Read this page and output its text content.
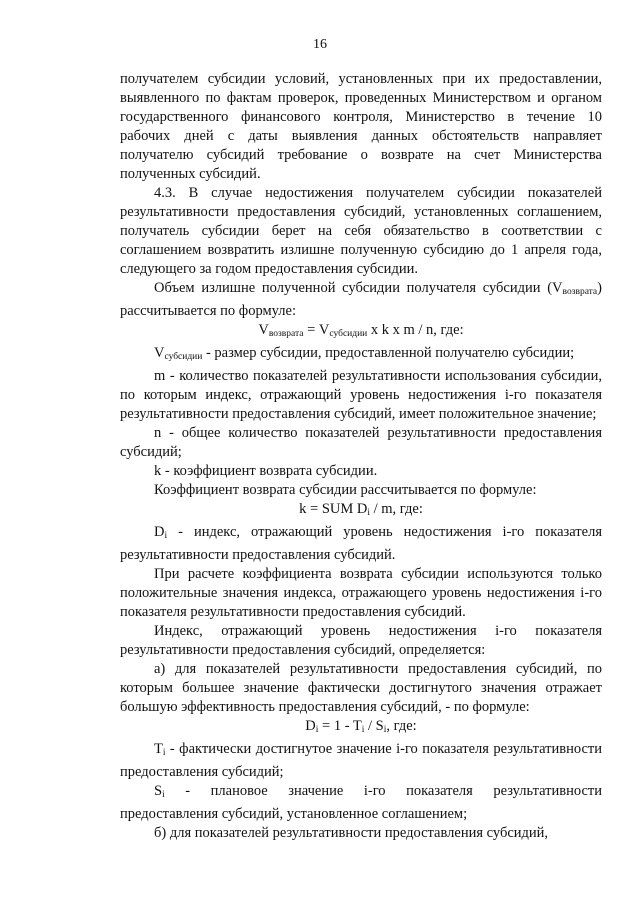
16

получателем субсидии условий, установленных при их предоставлении, выявленного по фактам проверок, проведенных Министерством и органом государственного финансового контроля, Министерство в течение 10 рабочих дней с даты выявления данных обстоятельств направляет получателю субсидий требование о возврате на счет Министерства полученных субсидий.

4.3. В случае недостижения получателем субсидии показателей результативности предоставления субсидий, установленных соглашением, получатель субсидии берет на себя обязательство в соответствии с соглашением возвратить излишне полученную субсидию до 1 апреля года, следующего за годом предоставления субсидии.

Объем излишне полученной субсидии получателя субсидии $(V_{возврата})$ рассчитывается по формуле:

$V_{возврата} = V_{субсидии}$ x k x m / n, где:

$V_{субсидии}$ - размер субсидии, предоставленной получателю субсидии;

m - количество показателей результативности использования субсидии, по которым индекс, отражающий уровень недостижения i-го показателя результативности предоставления субсидий, имеет положительное значение;

n - общее количество показателей результативности предоставления субсидий;

k - коэффициент возврата субсидии.

Коэффициент возврата субсидии рассчитывается по формуле:

k = SUM $D_i$ / m, где:

$D_i$ - индекс, отражающий уровень недостижения i-го показателя результативности предоставления субсидий.

При расчете коэффициента возврата субсидии используются только положительные значения индекса, отражающего уровень недостижения i-го показателя результативности предоставления субсидий.

Индекс, отражающий уровень недостижения i-го показателя результативности предоставления субсидий, определяется:

а) для показателей результативности предоставления субсидий, по которым большее значение фактически достигнутого значения отражает большую эффективность предоставления субсидий, - по формуле:

$D_i = 1 - T_i / S_i$, где:

$T_i$ - фактически достигнутое значение i-го показателя результативности предоставления субсидий;

$S_i$ - плановое значение i-го показателя результативности предоставления субсидий, установленное соглашением;

б) для показателей результативности предоставления субсидий,
